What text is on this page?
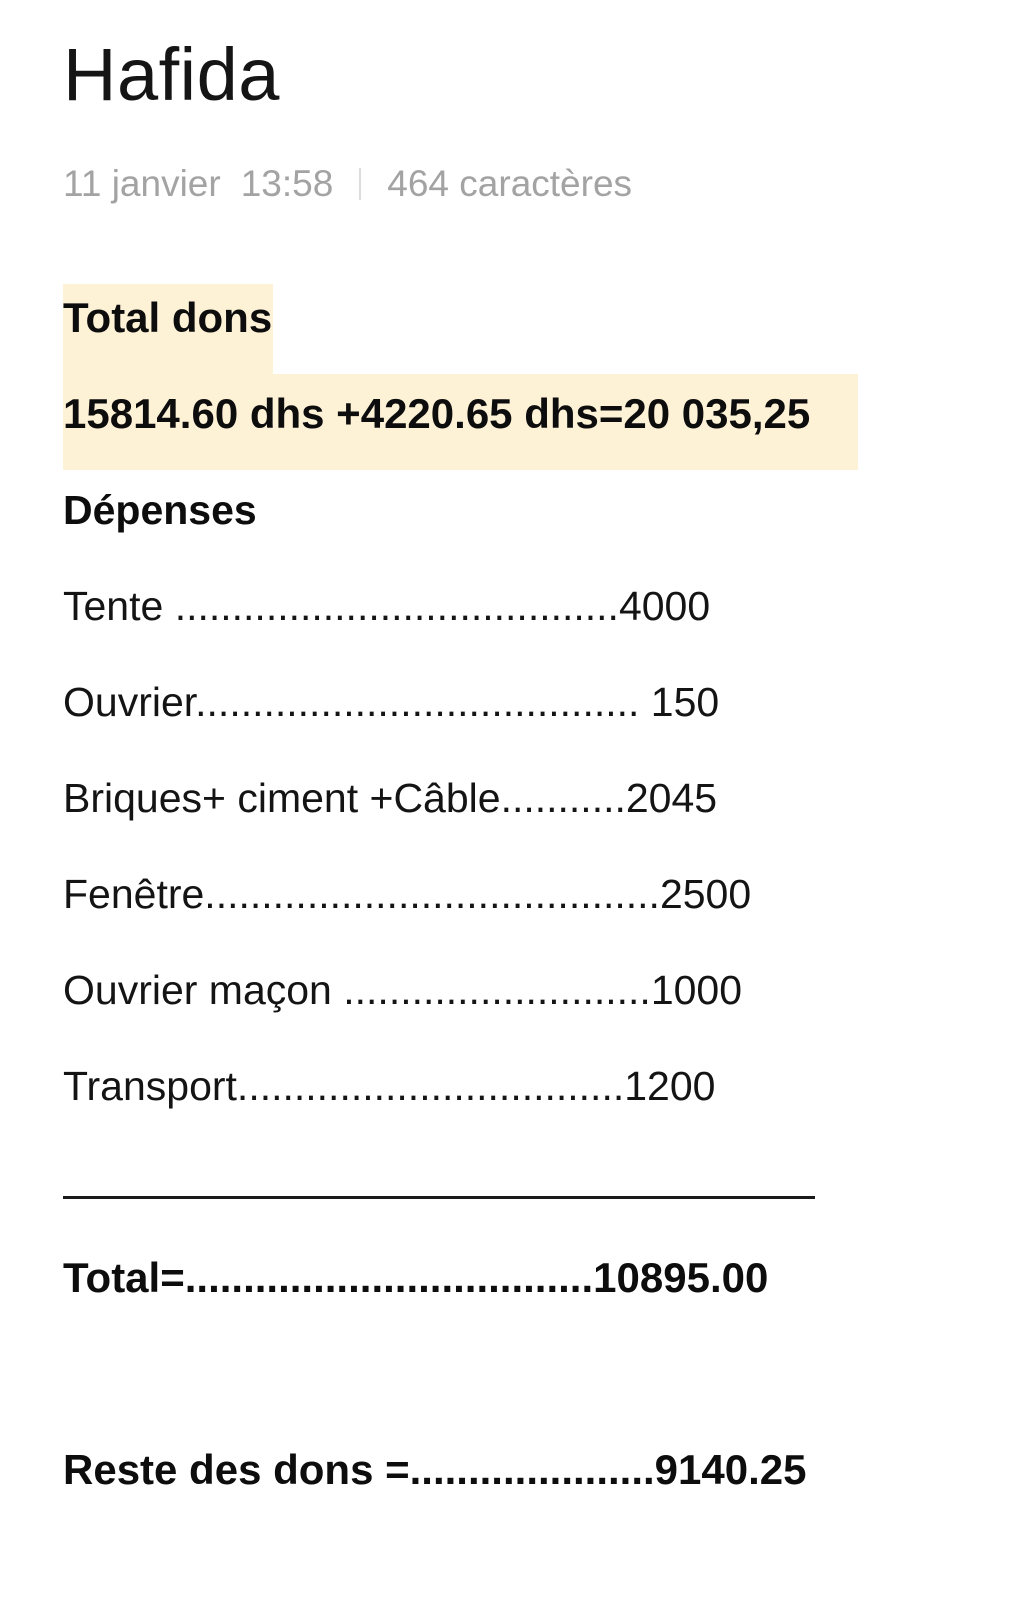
Hafida
11 janvier 13:58 464 caractères
Total dons
15814.60 dhs +4220.65 dhs=20 035,25
Dépenses
Tente .......................................4000
Ouvrier....................................... 150
Briques+ ciment +Câble...........2045
Fenêtre........................................2500
Ouvrier maçon ...........................1000
Transport..................................1200
Total=...................................10895.00
Reste des dons =.....................9140.25
